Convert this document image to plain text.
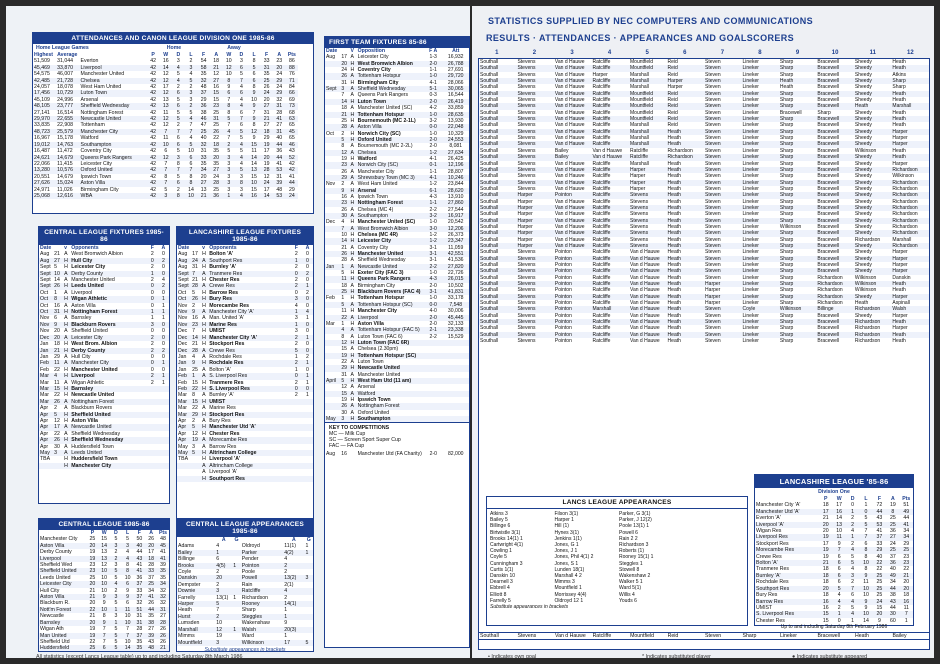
ATTENDANCES AND CANON LEAGUE DIVISION ONE 1985-86
Home League Games	Home	Away
Highest	Average		P	W	D	L	F	A	W	D	L	F	A	Pts
51,509	31,044	Everton	42	16	3	2	54	18	10	3	8	33	23	86
45,469	33,870	Liverpool	42	14	4	3	58	21	12	6	5	31	20	88
54,575	46,007	Manchester United	42	12	5	4	35	12	10	5	6	35	24	76
42,485	21,728	Chelsea	42	12	4	5	32	27	8	7	6	25	29	71
24,057	18,078	West Ham United	42	17	2	2	48	16	9	4	8	26	24	84
17,456	10,729	Luton Town	42	12	6	3	37	15	6	6	9	24	29	66
45,109	24,996	Arsenal	42	13	5	3	29	15	7	4	10	20	32	69
48,105	23,777	Sheffield Wednesday	42	13	6	2	36	23	8	4	9	27	31	73
27,141	16,514	Nottingham Forest	42	11	5	5	38	25	8	6	7	31	28	68
29,970	22,655	Newcastle United	42	12	5	4	46	31	5	7	9	21	41	63
33,835	22,908	Tottenham	42	12	2	7	47	25	7	6	8	27	27	65
48,723	25,579	Manchester City	42	7	7	7	25	26	4	5	12	18	31	45
16,967	15,178	Watford	42	11	6	4	40	22	7	5	9	29	40	65
19,012	14,763	Southampton	42	10	6	5	32	18	2	4	15	19	44	46
16,487	11,472	Coventry City	42	6	5	10	31	35	5	5	11	17	36	43
24,621	14,679	Queens Park Rangers	42	12	3	6	33	20	3	4	14	20	44	52
22,066	11,415	Leicester City	42	7	8	6	35	35	3	4	14	19	41	42
13,280	10,576	Oxford United	42	7	7	7	34	27	3	5	13	28	53	42
20,551	14,679	Ipswich Town	42	8	5	8	20	24	3	3	15	12	31	41
27,626	15,024	Aston Villa	42	7	6	8	27	28	3	8	10	24	39	44
24,971	11,026	Birmingham City	42	5	2	14	13	25	3	3	15	17	48	29
25,068	12,616	WBA	42	3	8	10	21	36	1	4	16	14	53	24
CENTRAL LEAGUE FIXTURES 1985-86
Date		v	Opponents	F	A
Aug	21	A	West Bromwich Albion	2	0
Aug	27	H	Hull City	0	2
Sept	5	H	Leicester City	2	0
Sept	10	A	Derby County	1	0
Sept	14	A	Manchester United	2	4
Sept	26	H	Leeds United	0	2
Oct	1	A	Liverpool	0	0
Oct	8	H	Wigan Athletic	0	1
Oct	16	A	Aston Villa	0	1
Oct	31	H	Nottingham Forest	1	1
Nov	6	A	Barnsley	1	1
Nov	9	H	Blackburn Rovers	3	0
Nov	20	A	Sheffield United	0	0
Dec	20	A	Leicester City	2	0
Jan	18	H	West Brom. Albion	2	0
Jan	21	H	Derby County	2	2
Jan	29	A	Hull City	0	0
Feb	11	A	Manchester City	0	1
Feb	22	H	Manchester United	0	0
Mar	4	H	Liverpool	2	1
Mar	11	A	Wigan Athletic	2	1
Mar	15	H	Barnsley		
Mar	22	H	Newcastle United		
Mar	26	A	Nottingham Forest		
Apr	2	A	Blackburn Rovers		
Apr	5	H	Sheffield United		
Apr	12	H	Aston Villa		
Apr	17	A	Newcastle United		
Apr	22	A	Sheffield Wednesday		
Apr	26	H	Sheffield Wednesday		
Apr	30	A	Huddersfield Town		
May	3	A	Leeds United		
TBA		H	Huddersfield Town		
		H	Manchester City		
LANCASHIRE LEAGUE FIXTURES 1985-86
Date		v	Opponents	F	A
Aug	17	H	Bolton 'A'	2	0
Aug	24	A	Southport Res	1	0
Aug	31	H	Burnley 'A'	2	0
Sept	7	A	Tranmere Res	0	2
Sept	21	H	Chester Res	2	0
Sept	28	A	Crewe Res	2	1
Oct	5	H	Barrow Res	0	2
Oct	26	H	Bury Res	3	0
Nov	2	H	Morecambe Res	4	0
Nov	9	A	Manchester City 'A'	1	4
Nov	16	A	Man. United 'A'	3	1
Nov	23	H	Marine Res	1	0
Dec	7	H	UMIST	3	0
Dec	14	H	Manchester City 'A'	2	1
Dec	21	H	Stockport Res	2	0
Dec	28	A	Crewe Res	5	0
Jan	4	A	Rochdale Res	1	2
Jan	9	H	Rochdale Res	2	1
Jan	25	A	Bolton 'A'	1	0
Feb	1	A	S. Liverpool Res	0	1
Feb	15	H	Tranmere Res	2	1
Feb	22	H	S. Liverpool Res	0	0
Mar	8	A	Burnley 'A'	2	1
Mar	15	H	UMIST		
Mar	22	A	Marine Res		
Mar	29	H	Stockport Res		
Apr	2	A	Bury Res		
Apr	5	H	Manchester Utd 'A'		
Apr	12	H	Chester Res		
Apr	19	A	Morecambe Res		
May	3	A	Barrow Res		
May	5	H	Altrincham College		
TBA		H	Liverpool 'A'		
		A	Altrincham College		
		A	Liverpool 'A'		
		H	Southport Res		
CENTRAL LEAGUE 1985-86
	P	W	D	L	F	A	Pts
Manchester City	25	15	5	5	50	26	48
Aston Villa	20	14	3	3	40	20	45
Derby County	19	13	2	4	44	17	41
Liverpool	19	13	2	4	43	18	41
Sheffield Wed	23	12	3	8	41	28	39
Sheffield United	23	10	5	8	41	33	35
Leeds United	25	10	5	10	36	37	35
Leicester City	20	10	4	6	37	25	34
Hull City	21	10	2	9	33	34	32
Aston Villa	21	9	3	9	37	41	32
Blackburn R.	20	9	5	6	32	26	32
Nott'm Forest	22	10	1	11	51	44	31
Newcastle	21	8	3	10	31	35	27
Barnsley	20	9	1	10	31	38	28
Wigan Ath	19	7	5	7	28	27	26
Man United	19	7	5	7	37	39	26
Sheffield Utd	22	7	5	10	35	43	26
Huddersfield	25	6	5	14	35	48	21

CENTRAL LEAGUE APPEARANCES 1985-86
	A	G		A	G
Adams	4		Oldroyd	11(1)	1
Bailey	1		Parker	4(2)	1
Billinge	6		Pender	4	
Brooks	4(5)	1	Pointon	2	
Coyle	2		Poole	2	
Danskin	20		Powell	13(2)	3
Dempster	2		Rain	2(1)	
Downie	3		Ratcliffe	4	
Farrelly	13(1)	1	Richardson	2	
Harper	5		Rooney	14(1)	
Heath	7		Sharp	1	
Hurst	2		Steggles	1	
Lumsden	10		Wakenshaw	9	
Marshall	12	1	Walsh	20(3)	
Mimms	19		Ward	1	
Mountfield	3		Wilkinson	17	5
Substitute appearances in brackets
All statistics (except Lancs League table) up to and including Saturday 8th March 1986
FIRST TEAM FIXTURES 85-86
Date		V	Opposition	F A	Att
Aug	17	A	Leicester City	1-3	16,932
	20	H	West Bromwich Albion	2-0	26,788
	24	H	Coventry City	1-1	27,691
	26	A	Tottenham Hotspur	1-0	29,720
	31	H	Birmingham City	4-1	28,066
Sept	3	A	Sheffield Wednesday	5-1	30,065
	7	A	Queens Park Rangers	0-3	16,544
	14	H	Luton Town	2-0	26,419
	18	A	Manchester United (SC)	4-2	33,859
	21	H	Tottenham Hotspur	1-0	28,635
	25	H	Bournemouth (MC 2-1L)	3-2	13,930
	28	A	Aston Villa	0-0	22,048
Oct	2	H	Norwich City (SC)	1-0	10,329
	5	H	Oxford United	2-0	24,553
	8	A	Bournemouth (MC 2-2L)	2-0	8,081
	12	A	Chelsea	1-2	27,634
	19	H	Watford	4-1	26,425
	23	A	Norwich City (SC)	0-1	12,196
	26	A	Manchester City	1-1	28,807
	29	A	Shrewsbury Town (MC 3)	4-1	10,246
Nov	2	A	West Ham United	1-2	23,844
	9	H	Arsenal	6-1	28,620
	16	A	Ipswich Town	4-3	13,910
	23	H	Nottingham Forest	1-1	27,860
	26	A	Chelsea (MC 4)	2-2	27,544
	30	A	Southampton	3-2	16,917
Dec	4	H	Manchester United (SC)	1-0	20,542
	7	A	West Bromwich Albion	3-0	12,206
	10	H	Chelsea (MC 4R)	1-2	26,373
	14	H	Leicester City	1-2	23,347
	21	A	Coventry City	3-1	11,059
	26	H	Manchester United	3-1	42,551
	28	A	Sheffield Wednesday	3-1	41,536
Jan	1	A	Newcastle United	2-2	27,820
	5	H	Exeter City (FAC 3)	1-0	22,726
	11	H	Queens Park Rangers	4-3	26,015
	18	A	Birmingham City	2-0	10,502
	25	H	Blackburn Rovers (FAC 4)	3-1	41,831
Feb	1	H	Tottenham Hotspur	1-0	33,178
	5	A	Tottenham Hotspur (SC)	0-0	7,548
	11	H	Manchester City	4-0	30,006
	22	A	Liverpool	2-0	45,445
Mar	1	H	Aston Villa	2-0	32,133
	4	A	Tottenham Hotspur (FAC 5)	2-1	23,338
	8	A	Luton Town (FAC 6)	2-2	15,529
	12	H	Luton Town (FAC 6R)		
	15	A	Chelsea (2.30pm)		
	19	H	Tottenham Hotspur (SC)		
	22	A	Luton Town		
	29	H	Newcastle United		
	31	A	Manchester United		
April	5	H	West Ham Utd (11 am)		
	12	A	Arsenal		
	15	A	Watford		
	19	H	Ipswich Town		
	26	A	Nottingham Forest		
	30	A	Oxford United		
May	3	H	Southampton		
KEY TO COMPETITIONS
MC — Milk Cup
SC — Screen Sport Super Cup
FAC — FA Cup
Aug	16		Manchester Utd (FA Charity)	2-0	82,000
STATISTICS SUPPLIED BY NEC COMPUTERS AND COMMUNICATIONS
RESULTS · ATTENDANCES · APPEARANCES AND GOALSCORERS
1	2	3	4	5	6	7	8	9	10	11	12
Southall	Stevens	Van d Hauwe	Ratcliffe	Mountfield	Reid	Steven	Lineker	Sharp	Bracewell	Sheedy	Heath
Southall	Stevens	Van d Hauwe	Ratcliffe	Mountfield	Reid	Steven	Lineker	Sharp	Bracewell	Sheedy	Heath
Southall	Stevens	Van d Hauwe	Harper	Marshall	Reid	Steven	Lineker	Sharp	Bracewell	Sheedy	Atkins
Southall	Stevens	Van d Hauwe	Ratcliffe	Marshall	Harper	Steven	Lineker	Heath	Bracewell	Sheedy	Sharp
Southall	Stevens	Van d Hauwe	Ratcliffe	Marshall	Harper	Steven	Lineker	Heath	Bracewell	Sheedy	Sharp
Southall	Stevens	Van d Hauwe	Ratcliffe	Mountfield	Reid	Steven	Lineker	Sharp	Bracewell	Sheedy	Heath
Southall	Stevens	Van d Hauwe	Ratcliffe	Mountfield	Reid	Steven	Lineker	Sharp	Bracewell	Sheedy	Heath
Southall	Stevens	Van d Hauwe	Ratcliffe	Mountfield	Reid	Steven	Lineker	Sharp	Bracewell	Heath	Marshall
Southall	Stevens	Van d Hauwe	Ratcliffe	Mountfield	Reid	Steven	Lineker	Bracewell	Sharp	Sheedy	Heath
Southall	Stevens	Van d Hauwe	Ratcliffe	Mountfield	Reid	Steven	Lineker	Sharp	Bracewell	Sheedy	Heath
Southall	Stevens	Van d Hauwe	Ratcliffe	Marshall	Reid	Steven	Lineker	Sharp	Bracewell	Sheedy	Heath
Southall	Stevens	Van d Hauwe	Ratcliffe	Marshall	Heath	Steven	Lineker	Sharp	Bracewell	Sheedy	Harper
Southall	Stevens	Van d Hauwe	Ratcliffe	Marshall	Heath	Steven	Lineker	Sharp	Bracewell	Sheedy	Harper
Southall	Stevens	Van d Hauwe	Ratcliffe	Marshall	Heath	Steven	Lineker	Sharp	Bracewell	Sheedy	Harper
Southall	Stevens	Bailey	Van d Hauwe	Ratcliffe	Richardson	Steven	Lineker	Sharp	Bracewell	Wilkinson	Heath
Southall	Stevens	Bailey	Van d Hauwe	Ratcliffe	Richardson	Steven	Lineker	Sharp	Bracewell	Sheedy	Heath
Southall	Stevens	Van d Hauwe	Ratcliffe	Marshall	Heath	Steven	Lineker	Sharp	Bracewell	Sheedy	Harper
Southall	Stevens	Van d Hauwe	Ratcliffe	Harper	Heath	Steven	Lineker	Sharp	Bracewell	Sheedy	Richardson
Southall	Stevens	Van d Hauwe	Ratcliffe	Harper	Heath	Steven	Lineker	Sharp	Bracewell	Sheedy	Wilkinson
Southall	Stevens	Van d Hauwe	Ratcliffe	Harper	Heath	Steven	Lineker	Sharp	Bracewell	Sheedy	Richardson
Southall	Stevens	Van d Hauwe	Ratcliffe	Harper	Heath	Steven	Lineker	Sharp	Bracewell	Sheedy	Richardson
Southall	Harper	Pointon	Ratcliffe	Stevens	Heath	Steven	Lineker	Sharp	Bracewell	Sheedy	Richardson
Southall	Harper	Van d Hauwe	Ratcliffe	Stevens	Heath	Steven	Lineker	Sharp	Bracewell	Sheedy	Richardson
Southall	Harper	Van d Hauwe	Ratcliffe	Stevens	Heath	Steven	Lineker	Sharp	Bracewell	Sheedy	Richardson
Southall	Harper	Van d Hauwe	Ratcliffe	Stevens	Heath	Steven	Lineker	Sharp	Bracewell	Sheedy	Richardson
Southall	Harper	Van d Hauwe	Ratcliffe	Stevens	Heath	Steven	Lineker	Sharp	Bracewell	Sheedy	Richardson
Southall	Harper	Van d Hauwe	Ratcliffe	Stevens	Heath	Steven	Lineker	Wilkinson	Bracewell	Sheedy	Richardson
Southall	Harper	Van d Hauwe	Ratcliffe	Stevens	Heath	Steven	Lineker	Sharp	Bracewell	Sheedy	Richardson
Southall	Harper	Van d Hauwe	Ratcliffe	Stevens	Heath	Steven	Lineker	Sharp	Bracewell	Richardson	Marshall
Southall	Harper	Van d Hauwe	Ratcliffe	Stevens	Heath	Steven	Lineker	Sharp	Bracewell	Sheedy	Richardson
Southall	Stevens	Pointon	Ratcliffe	Van d Hauwe	Heath	Steven	Lineker	Sharp	Bracewell	Sheedy	Harper
Southall	Stevens	Pointon	Ratcliffe	Van d Hauwe	Heath	Steven	Lineker	Sharp	Bracewell	Sheedy	Harper
Southall	Stevens	Pointon	Ratcliffe	Van d Hauwe	Heath	Steven	Lineker	Sharp	Bracewell	Sheedy	Harper
Southall	Stevens	Pointon	Ratcliffe	Van d Hauwe	Heath	Steven	Lineker	Sharp	Bracewell	Sheedy	Harper
Southall	Stevens	Pointon	Ratcliffe	Van d Hauwe	Heath	Steven	Lineker	Sharp	Richardson	Wilkinson	Danskin
Southall	Stevens	Pointon	Ratcliffe	Van d Hauwe	Heath	Harper	Lineker	Sharp	Richardson	Wilkinson	Heath
Southall	Stevens	Pointon	Ratcliffe	Van d Hauwe	Heath	Harper	Lineker	Sharp	Richardson	Wilkinson	Heath
Southall	Stevens	Pointon	Ratcliffe	Van d Hauwe	Heath	Harper	Lineker	Sharp	Richardson	Sheedy	Harper
Southall	Stevens	Pointon	Ratcliffe	Van d Hauwe	Heath	Harper	Lineker	Sharp	Richardson	Heath	Aspinall
Southall	Stevens	Pointon	Marshall	Van d Hauwe	Heath	Steven	Coyle	Wilkinson	Billinge	Richardson	Walsh
Southall	Stevens	Pointon	Ratcliffe	Van d Hauwe	Heath	Steven	Lineker	Sharp	Bracewell	Sheedy	Harper
Southall	Stevens	Pointon	Ratcliffe	Van d Hauwe	Heath	Steven	Lineker	Sharp	Bracewell	Richardson	Heath
Southall	Stevens	Pointon	Ratcliffe	Van d Hauwe	Heath	Steven	Lineker	Sharp	Bracewell	Richardson	Harper
Southall	Stevens	Pointon	Ratcliffe	Van d Hauwe	Heath	Steven	Lineker	Sharp	Bracewell	Richardson	Heath
Southall	Stevens	Pointon	Ratcliffe	Van d Hauwe	Heath	Steven	Lineker	Sharp	Bracewell	Richardson	Heath
LANCS LEAGUE APPEARANCES
Atkins 3	Filson 3(1)	Parker, G 3(1)
Bailey 5	Harper 1	Parker, J 12(2)
Billinge 6	Hill (1)	Poole 13(1) 1
Birtwistle 3(1)	Hynes 3(1)	Powell 6
Brooks 14(1) 1	Jenkins 1(1)	Rain 2 2
Cartwright 4(1)	Jones, G 1	Richardson 3
Cowling 1	Jones, J 1	Roberts (1)
Coyle 5	Jones, Phil 4(1) 2	Rooney 15(1) 1
Cunningham 3	Jones, S 1	Steggles 1
Curtis 1(1)	Lunden 18(1)	Stowell 8
Danskin 10	Marshall 4 2	Wakenshaw 2
Dearnell 3	Mimms 3	Walker 5 1
Ebbrell 4	Mountfield 1	Ward 5(1)
Elliott 8	Morrissey 4(4)	Willis 4
Farrelly 5	Oldroyd 12 1	Youds 6
Substitute appearances in brackets
LANCASHIRE LEAGUE '85-86
Division One
	P	W	D	L	F	A	Pts
Manchester City 'A'	18	17	0	1	72	19	51
Manchester Utd 'A'	17	16	1	0	44	8	49
Everton 'A'	21	14	2	5	43	25	44
Liverpool 'A'	20	13	2	5	53	25	41
Wigan Res	20	10	4	7	41	36	34
Liverpool Res	19	11	1	7	37	27	34
Stockport Res	17	9	2	6	33	24	29
Morecambe Res	19	7	4	8	29	25	25
Crewe Res	19	6	5	8	40	37	23
Bolton 'A'	21	6	5	10	22	36	23
Tranmere Res	18	6	4	8	22	40	22
Burnley 'A'	18	6	3	9	25	49	21
Rochdale Res	18	6	2	11	25	34	20
Southport Res	20	5	7	10	25	44	20
Bury Res	18	4	6	10	25	38	18
Barrow Res	16	4	4	9	24	43	16
UMIST	16	2	5	9	15	44	11
S. Liverpool Res	15	1	4	10	20	30	7
Chester Res	15	0	1	14	9	60	1
Up to and including Saturday 8th February 1986
Southall	Stevens	Van d Hauwe	Ratcliffe	Mountfield	Reid	Steven	Sharp	Lineker	Bracewell	Heath	Bailey
• Indicates own goal	* Indicates substituted player	● Indicates substitute appeared
